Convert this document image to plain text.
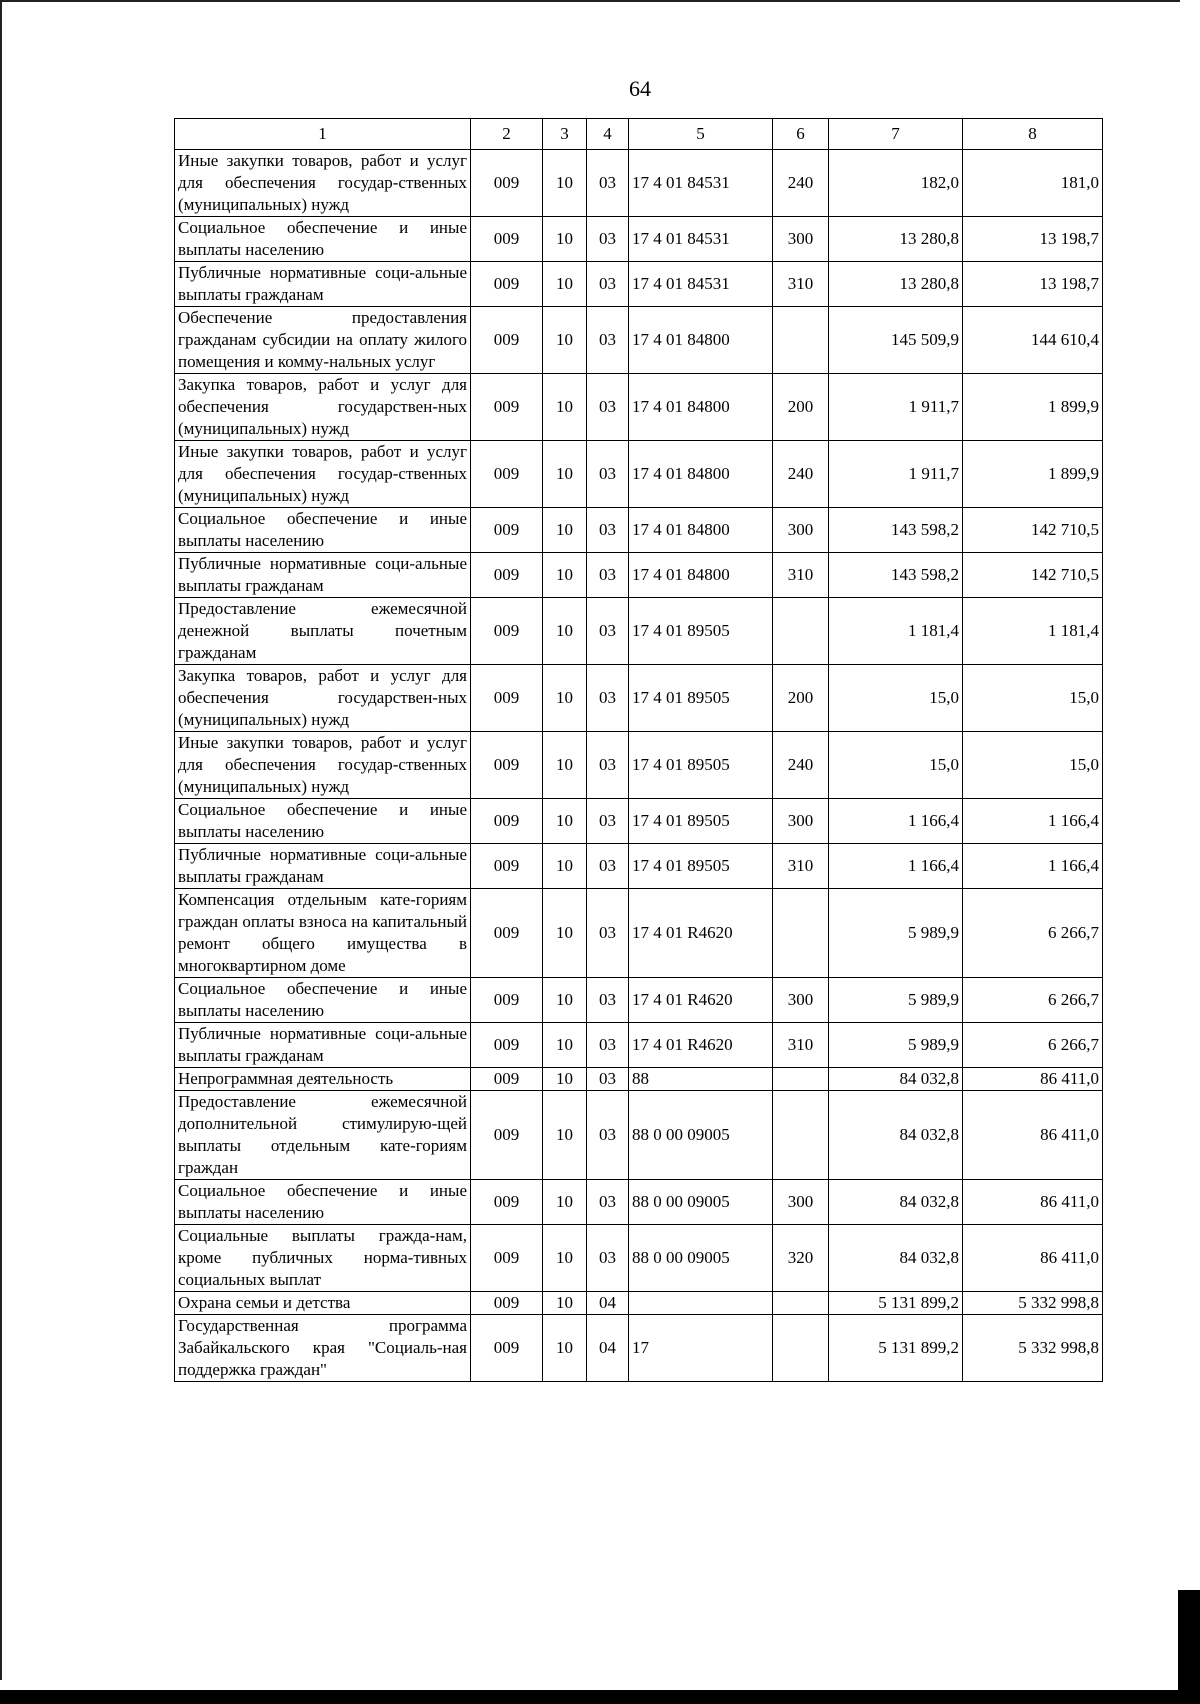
64
1	2	3	4	5	6	7	8
Иные закупки товаров, работ и услуг для обеспечения государ-ственных (муниципальных) нужд	009	10	03	17 4 01 84531	240	182,0	181,0
Социальное обеспечение и иные выплаты населению	009	10	03	17 4 01 84531	300	13 280,8	13 198,7
Публичные нормативные соци-альные выплаты гражданам	009	10	03	17 4 01 84531	310	13 280,8	13 198,7
Обеспечение предоставления гражданам субсидии на оплату жилого помещения и комму-нальных услуг	009	10	03	17 4 01 84800		145 509,9	144 610,4
Закупка товаров, работ и услуг для обеспечения государствен-ных (муниципальных) нужд	009	10	03	17 4 01 84800	200	1 911,7	1 899,9
Иные закупки товаров, работ и услуг для обеспечения государ-ственных (муниципальных) нужд	009	10	03	17 4 01 84800	240	1 911,7	1 899,9
Социальное обеспечение и иные выплаты населению	009	10	03	17 4 01 84800	300	143 598,2	142 710,5
Публичные нормативные соци-альные выплаты гражданам	009	10	03	17 4 01 84800	310	143 598,2	142 710,5
Предоставление ежемесячной денежной выплаты почетным гражданам	009	10	03	17 4 01 89505		1 181,4	1 181,4
Закупка товаров, работ и услуг для обеспечения государствен-ных (муниципальных) нужд	009	10	03	17 4 01 89505	200	15,0	15,0
Иные закупки товаров, работ и услуг для обеспечения государ-ственных (муниципальных) нужд	009	10	03	17 4 01 89505	240	15,0	15,0
Социальное обеспечение и иные выплаты населению	009	10	03	17 4 01 89505	300	1 166,4	1 166,4
Публичные нормативные соци-альные выплаты гражданам	009	10	03	17 4 01 89505	310	1 166,4	1 166,4
Компенсация отдельным кате-гориям граждан оплаты взноса на капитальный ремонт общего имущества в многоквартирном доме	009	10	03	17 4 01 R4620		5 989,9	6 266,7
Социальное обеспечение и иные выплаты населению	009	10	03	17 4 01 R4620	300	5 989,9	6 266,7
Публичные нормативные соци-альные выплаты гражданам	009	10	03	17 4 01 R4620	310	5 989,9	6 266,7
Непрограммная деятельность	009	10	03	88		84 032,8	86 411,0
Предоставление ежемесячной дополнительной стимулирую-щей выплаты отдельным кате-гориям граждан	009	10	03	88 0 00 09005		84 032,8	86 411,0
Социальное обеспечение и иные выплаты населению	009	10	03	88 0 00 09005	300	84 032,8	86 411,0
Социальные выплаты гражда-нам, кроме публичных норма-тивных социальных выплат	009	10	03	88 0 00 09005	320	84 032,8	86 411,0
Охрана семьи и детства	009	10	04			5 131 899,2	5 332 998,8
Государственная программа Забайкальского края "Социаль-ная поддержка граждан"	009	10	04	17		5 131 899,2	5 332 998,8
